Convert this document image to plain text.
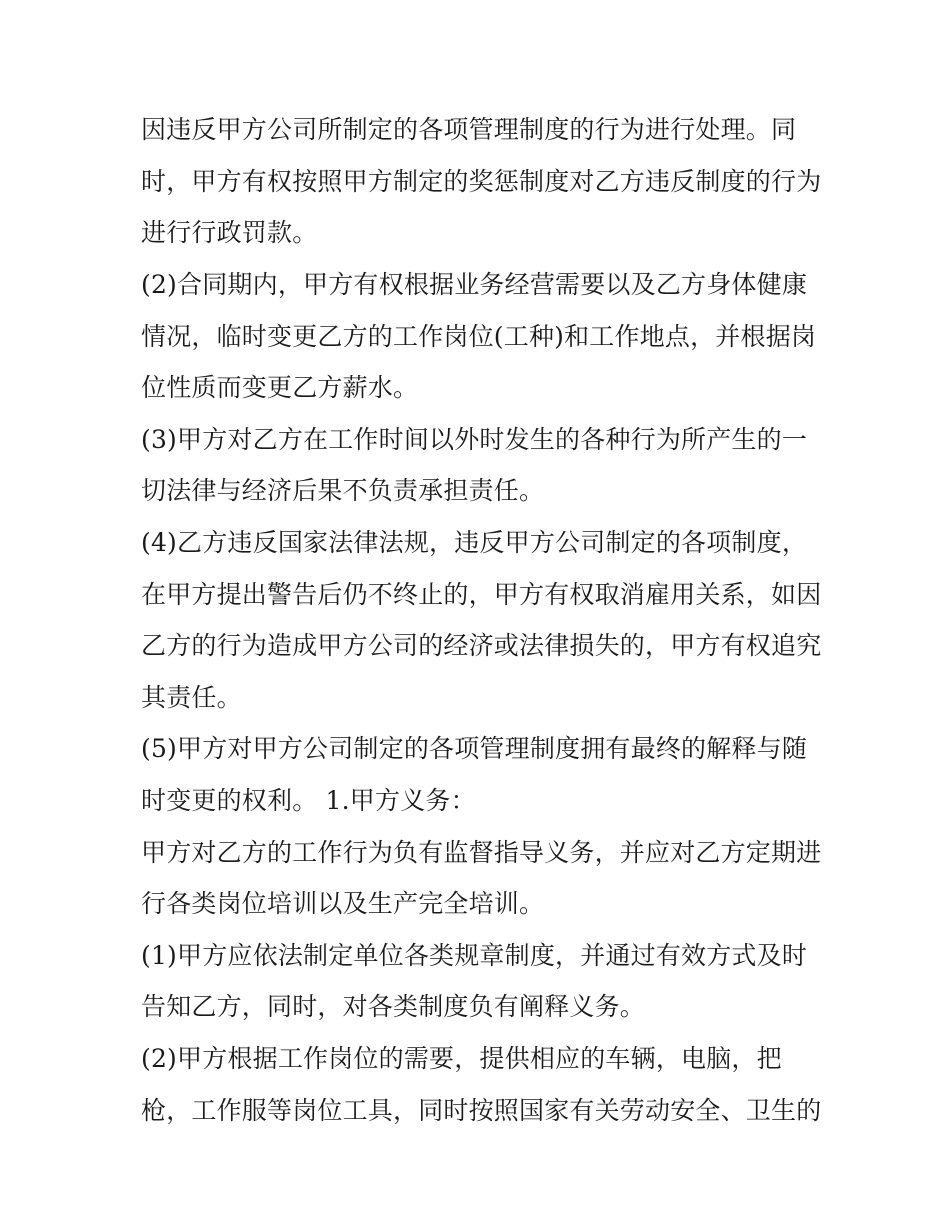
因违反甲方公司所制定的各项管理制度的行为进行处理。同
时，甲方有权按照甲方制定的奖惩制度对乙方违反制度的行为
进行行政罚款。
(2)合同期内，甲方有权根据业务经营需要以及乙方身体健康
情况，临时变更乙方的工作岗位(工种)和工作地点，并根据岗
位性质而变更乙方薪水。
(3)甲方对乙方在工作时间以外时发生的各种行为所产生的一
切法律与经济后果不负责承担责任。
(4)乙方违反国家法律法规，违反甲方公司制定的各项制度，
在甲方提出警告后仍不终止的，甲方有权取消雇用关系，如因
乙方的行为造成甲方公司的经济或法律损失的，甲方有权追究
其责任。
(5)甲方对甲方公司制定的各项管理制度拥有最终的解释与随
时变更的权利。 1.甲方义务：
甲方对乙方的工作行为负有监督指导义务，并应对乙方定期进
行各类岗位培训以及生产完全培训。
(1)甲方应依法制定单位各类规章制度，并通过有效方式及时
告知乙方，同时，对各类制度负有阐释义务。
(2)甲方根据工作岗位的需要，提供相应的车辆，电脑，把
枪，工作服等岗位工具，同时按照国家有关劳动安全、卫生的
